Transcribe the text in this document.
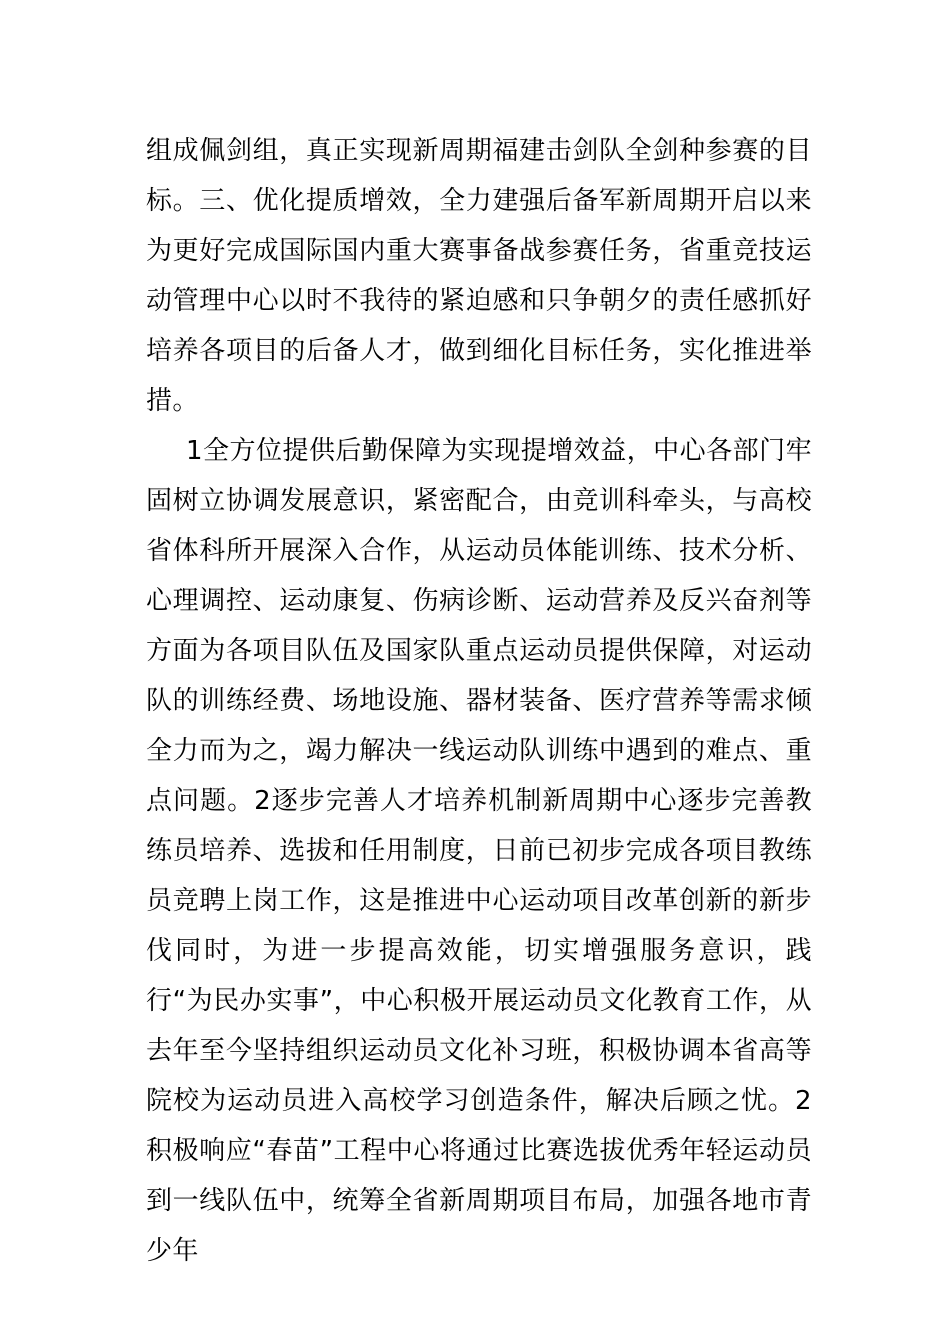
组成佩剑组，真正实现新周期福建击剑队全剑种参赛的目标。三、优化提质增效，全力建强后备军新周期开启以来为更好完成国际国内重大赛事备战参赛任务，省重竞技运动管理中心以时不我待的紧迫感和只争朝夕的责任感抓好培养各项目的后备人才，做到细化目标任务，实化推进举措。

1全方位提供后勤保障为实现提增效益，中心各部门牢固树立协调发展意识，紧密配合，由竞训科牵头，与高校省体科所开展深入合作，从运动员体能训练、技术分析、心理调控、运动康复、伤病诊断、运动营养及反兴奋剂等方面为各项目队伍及国家队重点运动员提供保障，对运动队的训练经费、场地设施、器材装备、医疗营养等需求倾全力而为之，竭力解决一线运动队训练中遇到的难点、重点问题。2逐步完善人才培养机制新周期中心逐步完善教练员培养、选拔和任用制度，日前已初步完成各项目教练员竞聘上岗工作，这是推进中心运动项目改革创新的新步伐同时，为进一步提高效能，切实增强服务意识，践行“为民办实事”，中心积极开展运动员文化教育工作，从去年至今坚持组织运动员文化补习班，积极协调本省高等院校为运动员进入高校学习创造条件，解决后顾之忧。2积极响应“春苗”工程中心将通过比赛选拔优秀年轻运动员到一线队伍中，统筹全省新周期项目布局，加强各地市青少年
